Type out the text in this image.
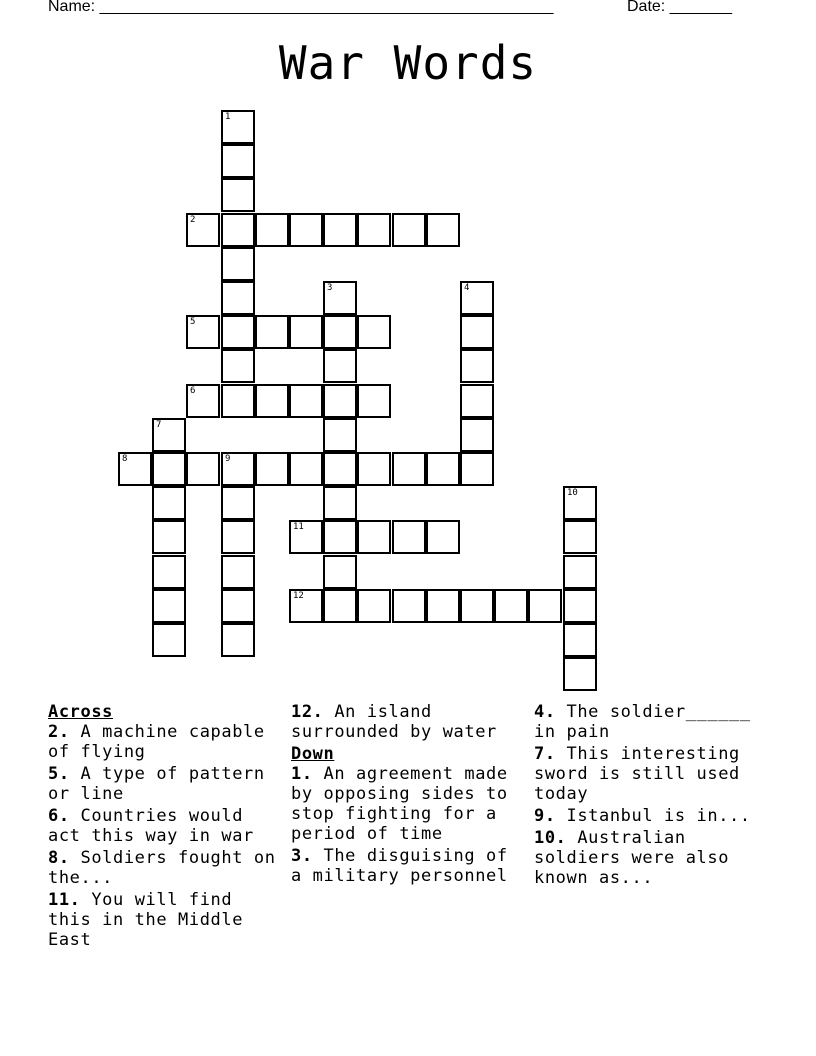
Name: ___________________________________________________	Date: _______
War Words
1
2
3	4
5
6
7
8	9
10
11
12

Across

2. A machine capable of flying

5. A type of pattern or line

6. Countries would act this way in war

8. Soldiers fought on the...

11. You will find this in the Middle East

12. An island surrounded by water

Down

1. An agreement made by opposing sides to stop fighting for a period of time

3. The disguising of a military personnel

4. The soldier______ in pain

7. This interesting sword is still used today

9. Istanbul is in...

10. Australian soldiers were also known as...
